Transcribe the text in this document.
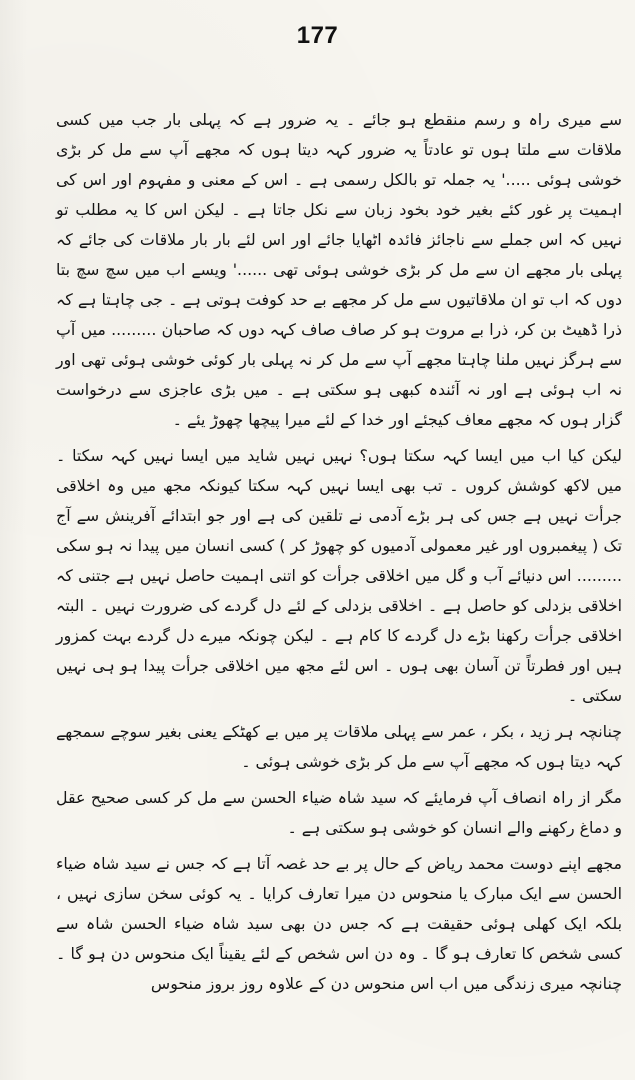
177

سے میری راہ و رسم منقطع ہو جائے ۔ یہ ضرور ہے کہ پہلی بار جب میں کسی ملاقات سے ملتا ہوں تو عادتاً یہ ضرور کہہ دیتا ہوں کہ مجھے آپ سے مل کر بڑی خوشی ہوئی .....' یہ جملہ تو بالکل رسمی ہے ۔ اس کے معنی و مفہوم اور اس کی اہمیت پر غور کئے بغیر خود بخود زبان سے نکل جاتا ہے ۔ لیکن اس کا یہ مطلب تو نہیں کہ اس جملے سے ناجائز فائدہ اٹھایا جائے اور اس لئے بار بار ملاقات کی جائے کہ پہلی بار مجھے ان سے مل کر بڑی خوشی ہوئی تھی ......' ویسے اب میں سچ سچ بتا دوں کہ اب تو ان ملاقاتیوں سے مل کر مجھے بے حد کوفت ہوتی ہے ۔ جی چاہتا ہے کہ ذرا ڈھیٹ بن کر، ذرا بے مروت ہو کر صاف صاف کہہ دوں کہ صاحبان ......... میں آپ سے ہرگز نہیں ملنا چاہتا مجھے آپ سے مل کر نہ پہلی بار کوئی خوشی ہوئی تھی اور نہ اب ہوئی ہے اور نہ آئندہ کبھی ہو سکتی ہے ۔ میں بڑی عاجزی سے درخواست گزار ہوں کہ مجھے معاف کیجئے اور خدا کے لئے میرا پیچھا چھوڑ یئے ۔

لیکن کیا اب میں ایسا کہہ سکتا ہوں؟ نہیں نہیں شاید میں ایسا نہیں کہہ سکتا ۔ میں لاکھ کوشش کروں ۔ تب بھی ایسا نہیں کہہ سکتا کیونکہ مجھ میں وہ اخلاقی جرأت نہیں ہے جس کی ہر بڑے آدمی نے تلقین کی ہے اور جو ابتدائے آفرینش سے آج تک ( پیغمبروں اور غیر معمولی آدمیوں کو چھوڑ کر ) کسی انسان میں پیدا نہ ہو سکی ......... اس دنیائے آب و گل میں اخلاقی جرأت کو اتنی اہمیت حاصل نہیں ہے جتنی کہ اخلاقی بزدلی کو حاصل ہے ۔ اخلاقی بزدلی کے لئے دل گردے کی ضرورت نہیں ۔ البتہ اخلاقی جرأت رکھنا بڑے دل گردے کا کام ہے ۔ لیکن چونکہ میرے دل گردے بہت کمزور ہیں اور فطرتاً تن آسان بھی ہوں ۔ اس لئے مجھ میں اخلاقی جرأت پیدا ہو ہی نہیں سکتی ۔

چنانچہ ہر زید ، بکر ، عمر سے پہلی ملاقات پر میں بے کھٹکے یعنی بغیر سوچے سمجھے کہہ دیتا ہوں کہ مجھے آپ سے مل کر بڑی خوشی ہوئی ۔

مگر از راہ انصاف آپ فرمایئے کہ سید شاہ ضیاء الحسن سے مل کر کسی صحیح عقل و دماغ رکھنے والے انسان کو خوشی ہو سکتی ہے ۔

مجھے اپنے دوست محمد ریاض کے حال پر بے حد غصہ آتا ہے کہ جس نے سید شاہ ضیاء الحسن سے ایک مبارک یا منحوس دن میرا تعارف کرایا ۔ یہ کوئی سخن سازی نہیں ، بلکہ ایک کھلی ہوئی حقیقت ہے کہ جس دن بھی سید شاہ ضیاء الحسن شاہ سے کسی شخص کا تعارف ہو گا ۔ وہ دن اس شخص کے لئے یقیناً ایک منحوس دن ہو گا ۔ چنانچہ میری زندگی میں اب اس منحوس دن کے علاوہ روز بروز منحوس
